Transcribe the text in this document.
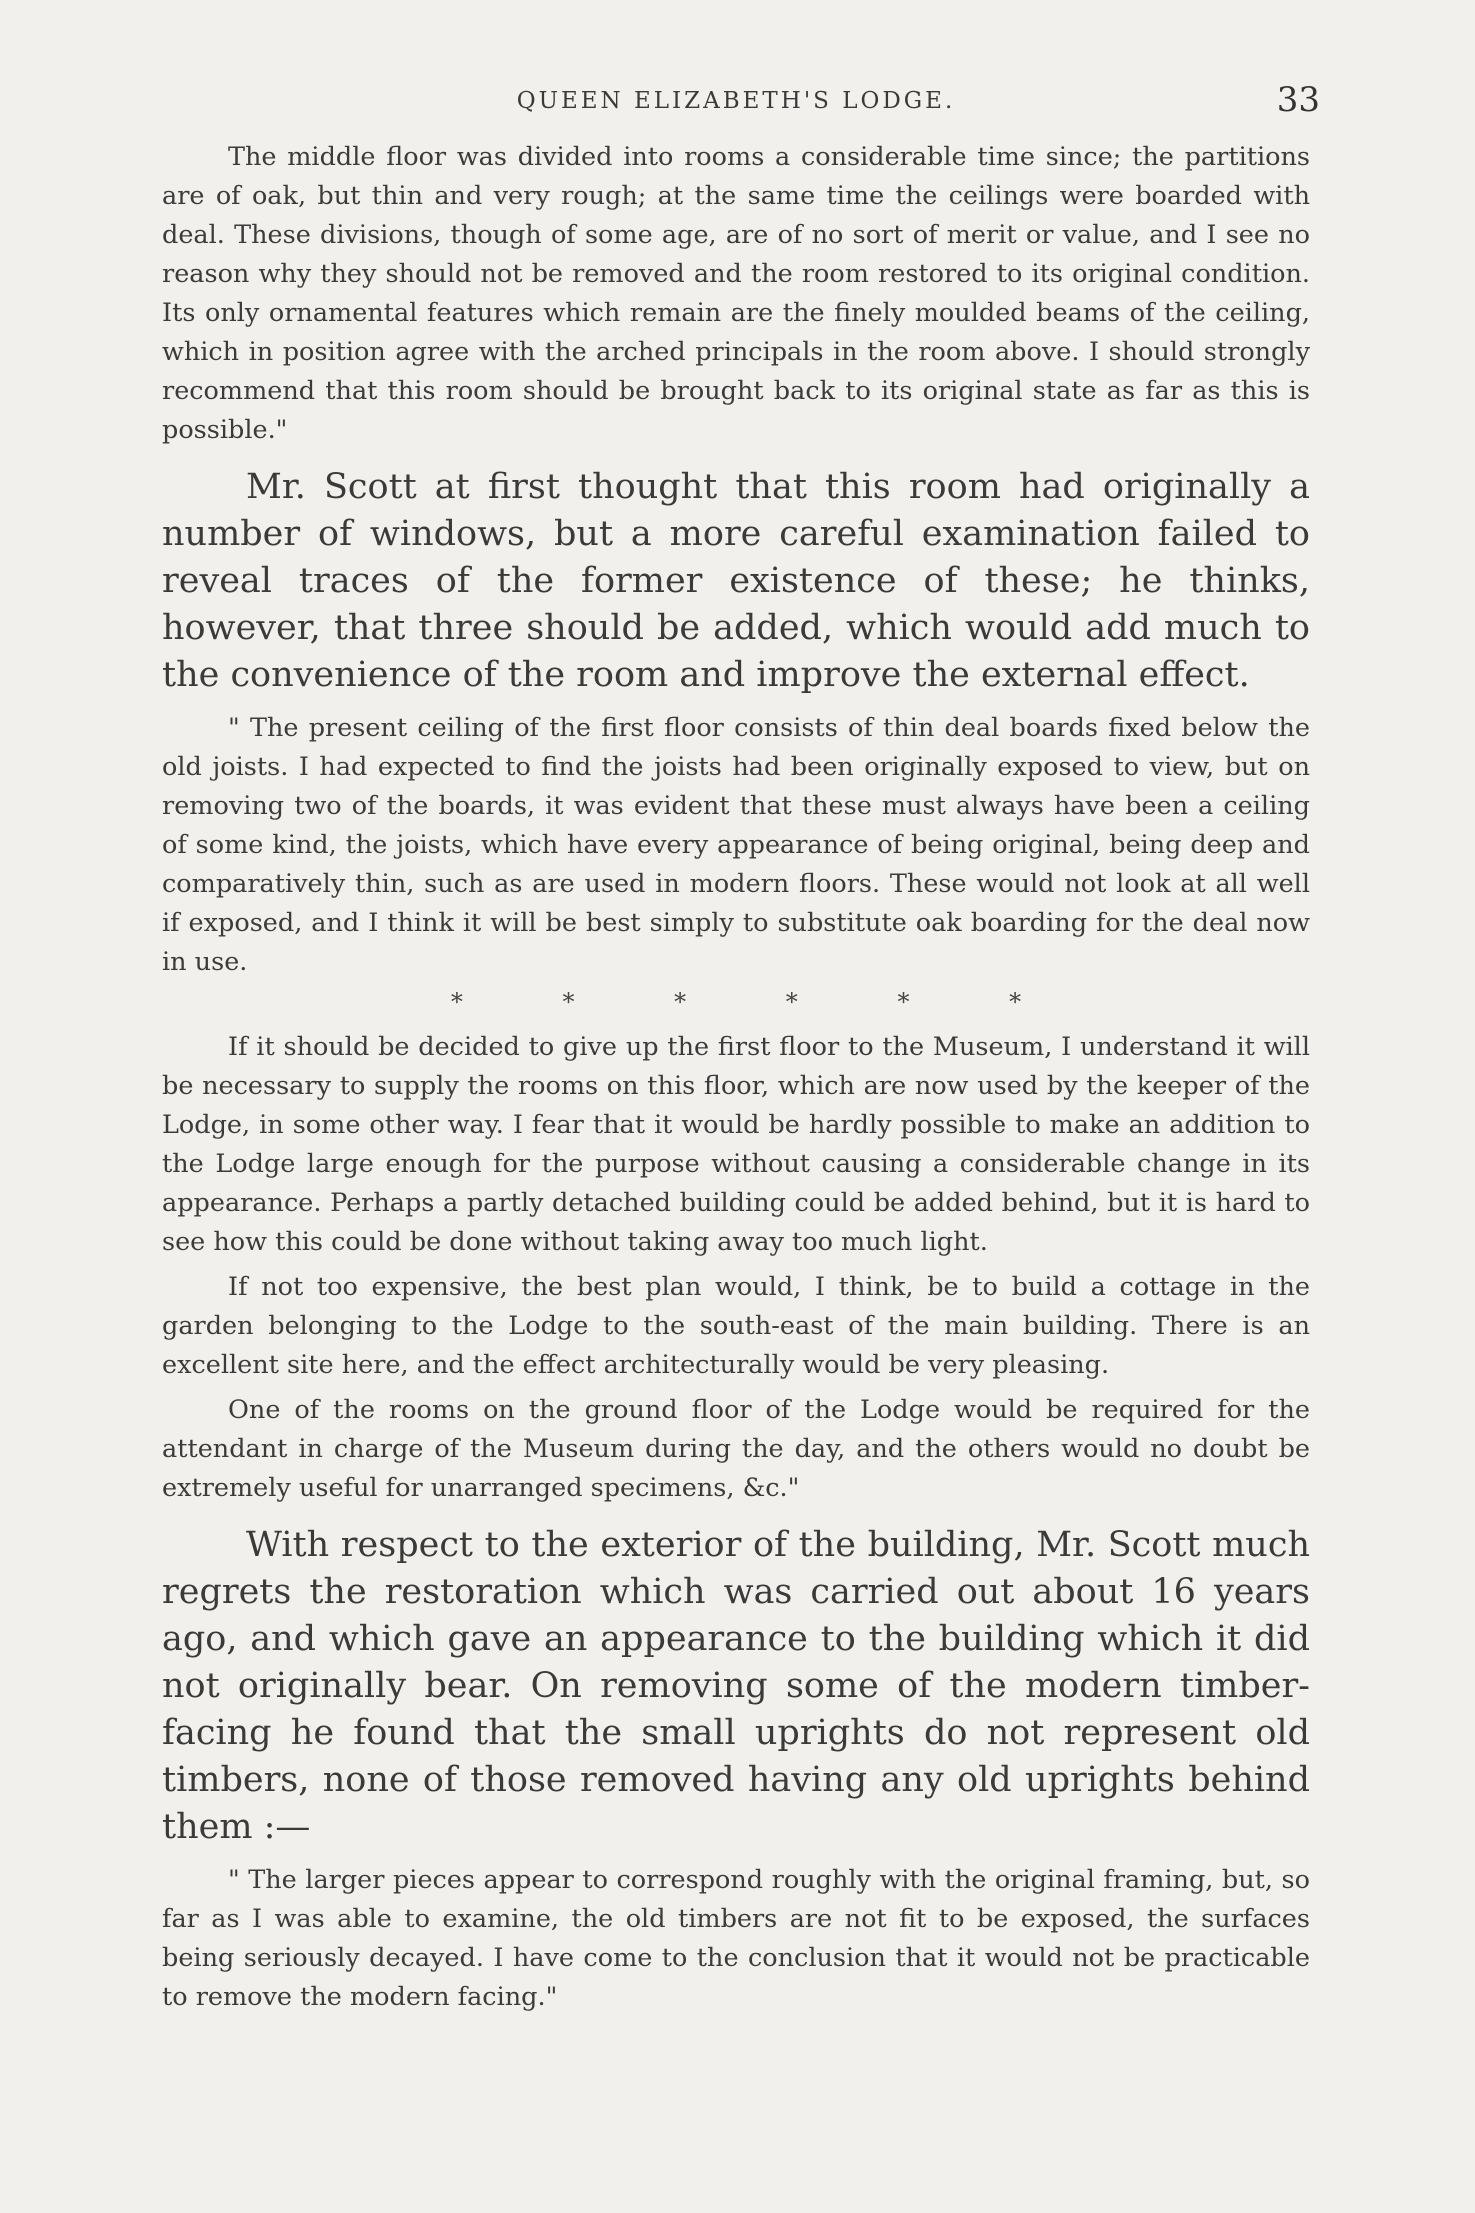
QUEEN ELIZABETH'S LODGE.	33

The middle floor was divided into rooms a considerable time since; the partitions are of oak, but thin and very rough; at the same time the ceilings were boarded with deal. These divisions, though of some age, are of no sort of merit or value, and I see no reason why they should not be removed and the room restored to its original condition. Its only ornamental features which remain are the finely moulded beams of the ceiling, which in position agree with the arched principals in the room above. I should strongly recommend that this room should be brought back to its original state as far as this is possible."

Mr. Scott at first thought that this room had originally a number of windows, but a more careful examination failed to reveal traces of the former existence of these; he thinks, however, that three should be added, which would add much to the convenience of the room and improve the external effect.

" The present ceiling of the first floor consists of thin deal boards fixed below the old joists. I had expected to find the joists had been originally exposed to view, but on removing two of the boards, it was evident that these must always have been a ceiling of some kind, the joists, which have every appearance of being original, being deep and comparatively thin, such as are used in modern floors. These would not look at all well if exposed, and I think it will be best simply to substitute oak boarding for the deal now in use.

* * * * * *

If it should be decided to give up the first floor to the Museum, I understand it will be necessary to supply the rooms on this floor, which are now used by the keeper of the Lodge, in some other way. I fear that it would be hardly possible to make an addition to the Lodge large enough for the purpose without causing a considerable change in its appearance. Perhaps a partly detached building could be added behind, but it is hard to see how this could be done without taking away too much light.

If not too expensive, the best plan would, I think, be to build a cottage in the garden belonging to the Lodge to the south-east of the main building. There is an excellent site here, and the effect architecturally would be very pleasing.

One of the rooms on the ground floor of the Lodge would be required for the attendant in charge of the Museum during the day, and the others would no doubt be extremely useful for unarranged specimens, &c."

With respect to the exterior of the building, Mr. Scott much regrets the restoration which was carried out about 16 years ago, and which gave an appearance to the building which it did not originally bear. On removing some of the modern timber-facing he found that the small uprights do not represent old timbers, none of those removed having any old uprights behind them :—

" The larger pieces appear to correspond roughly with the original framing, but, so far as I was able to examine, the old timbers are not fit to be exposed, the surfaces being seriously decayed. I have come to the conclusion that it would not be practicable to remove the modern facing."
